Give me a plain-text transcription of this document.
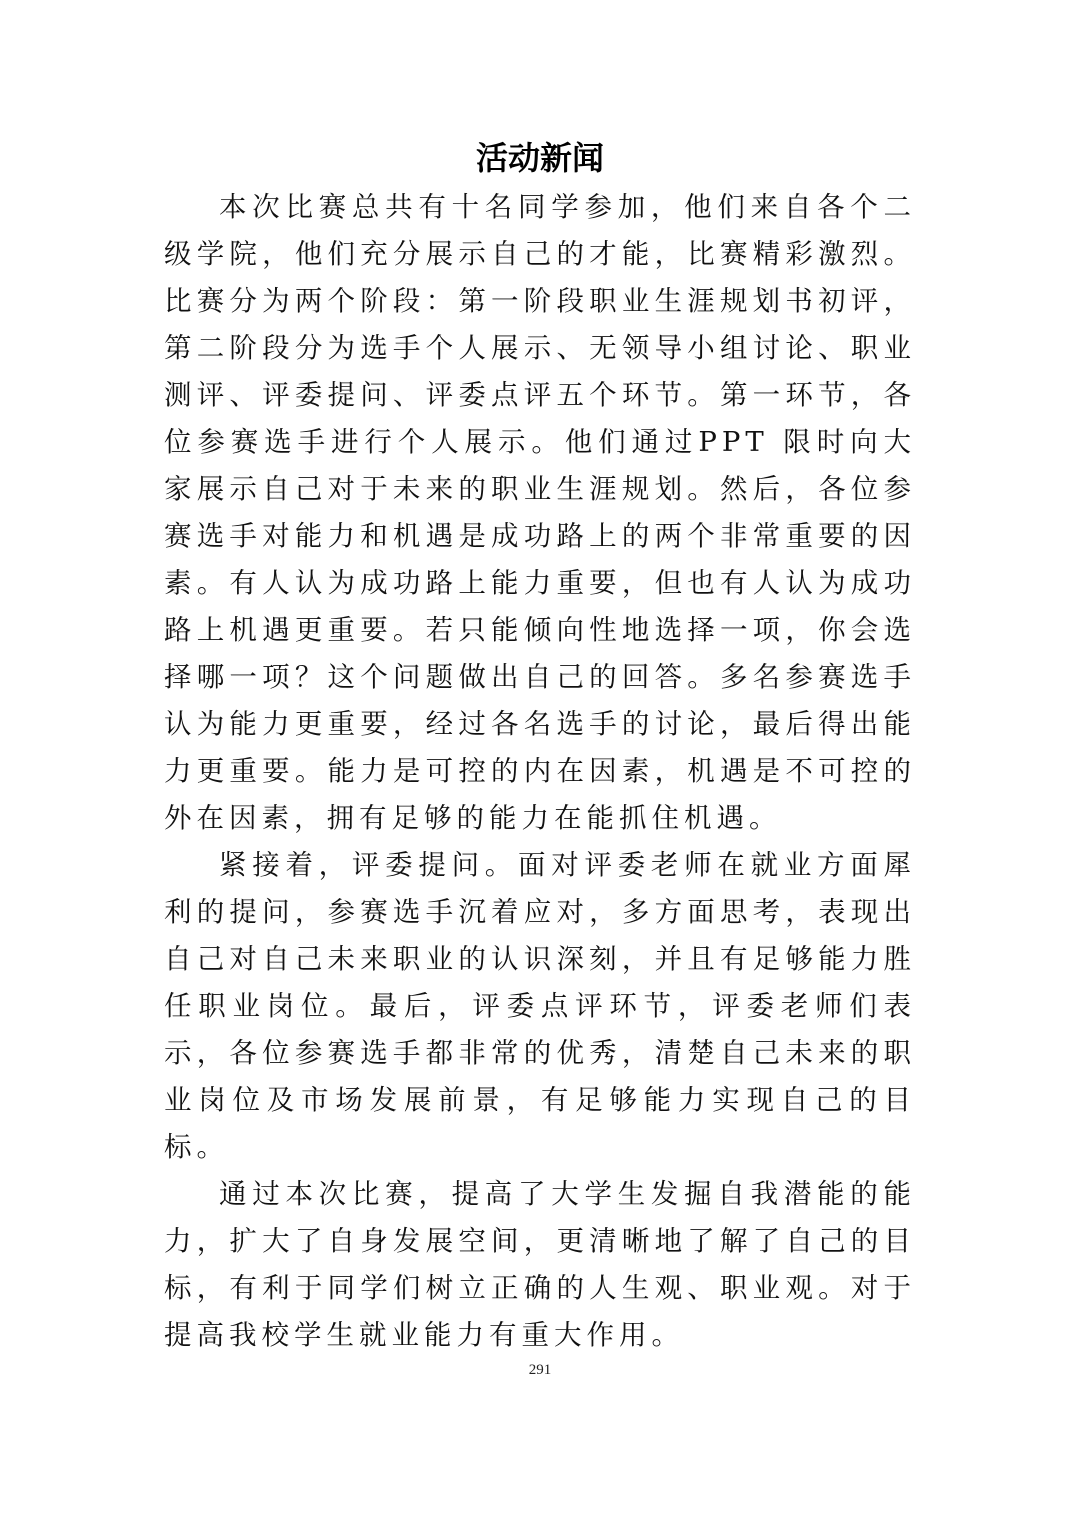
活动新闻

本次比赛总共有十名同学参加，他们来自各个二级学院，他们充分展示自己的才能，比赛精彩激烈。比赛分为两个阶段：第一阶段职业生涯规划书初评，第二阶段分为选手个人展示、无领导小组讨论、职业测评、评委提问、评委点评五个环节。第一环节，各位参赛选手进行个人展示。他们通过PPT 限时向大家展示自己对于未来的职业生涯规划。然后，各位参赛选手对能力和机遇是成功路上的两个非常重要的因素。有人认为成功路上能力重要，但也有人认为成功路上机遇更重要。若只能倾向性地选择一项，你会选择哪一项？这个问题做出自己的回答。多名参赛选手认为能力更重要，经过各名选手的讨论，最后得出能力更重要。能力是可控的内在因素，机遇是不可控的外在因素，拥有足够的能力在能抓住机遇。

紧接着，评委提问。面对评委老师在就业方面犀利的提问，参赛选手沉着应对，多方面思考，表现出自己对自己未来职业的认识深刻，并且有足够能力胜任职业岗位。最后，评委点评环节，评委老师们表示，各位参赛选手都非常的优秀，清楚自己未来的职业岗位及市场发展前景，有足够能力实现自己的目标。

通过本次比赛，提高了大学生发掘自我潜能的能力，扩大了自身发展空间，更清晰地了解了自己的目标，有利于同学们树立正确的人生观、职业观。对于提高我校学生就业能力有重大作用。

291
